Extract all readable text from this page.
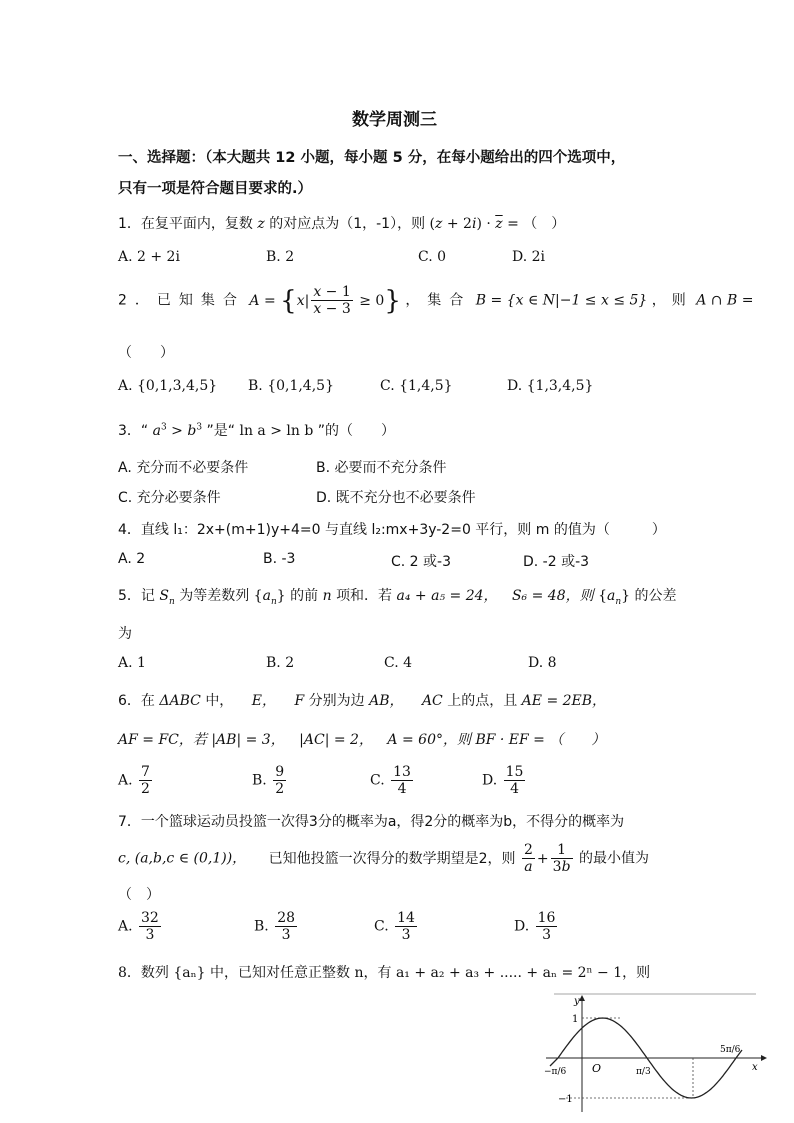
数学周测三
一、选择题：（本大题共 12 小题，每小题 5 分，在每小题给出的四个选项中，
只有一项是符合题目要求的.）
1．在复平面内，复数 z 的对应点为（1，-1），则 $(z + 2i) \cdot \overline{z}$ = （　）
A. 2 + 2i	B. 2	C. 0	D. 2i
2．已知集合 $A = \{x| \frac{x - 1}{x - 3} \ge 0\}$ ，集合 B = {x ∈ N|−1 ≤ x ≤ 5} ，则 A ∩ B =
（　　）
A. {0,1,3,4,5} B. {0,1,4,5}	C. {1,4,5}	D. {1,3,4,5}
3．“ $a^3 > b^3$ ”是“ ln a > ln b ”的（　　）
A. 充分而不必要条件	B. 必要而不充分条件
C. 充分必要条件	D. 既不充分也不必要条件
4．直线 l₁：2x+(m+1)y+4=0 与直线 l₂:mx+3y-2=0 平行，则 m 的值为（　　　）
A. 2	B. -3	C. 2 或-3	D. -2 或-3
5．记 $S_n$ 为等差数列 $\{a_n\}$ 的前 n 项和．若 a₄ + a₅ = 24， S₆ = 48，则 $\{a_n\}$ 的公差
为
A. 1	B. 2	C. 4	D. 8
6．在 ΔABC 中， E， F 分别为边 AB， AC 上的点，且 AE = 2EB，
AF = FC，若 |AB| = 3， |AC| = 2， A = 60°，则 BF · EF = （　　）
A. $\frac{7}{2}$	B. $\frac{9}{2}$	C. $\frac{13}{4}$	D. $\frac{15}{4}$
7．一个篮球运动员投篮一次得3分的概率为a，得2分的概率为b，不得分的概率为
c, (a,b,c ∈ (0,1))， 已知他投篮一次得分的数学期望是2，则 $\frac{2}{a} + \frac{1}{3b}$ 的最小值为
（　）
A. $\frac{32}{3}$	B. $\frac{28}{3}$	C. $\frac{14}{3}$	D. $\frac{16}{3}$
8．数列 {aₙ} 中，已知对任意正整数 n，有 a₁ + a₂ + a₃ + ..... + aₙ = 2ⁿ − 1，则
y
x
O
1
−1
−π/6	π/3
5π/6
